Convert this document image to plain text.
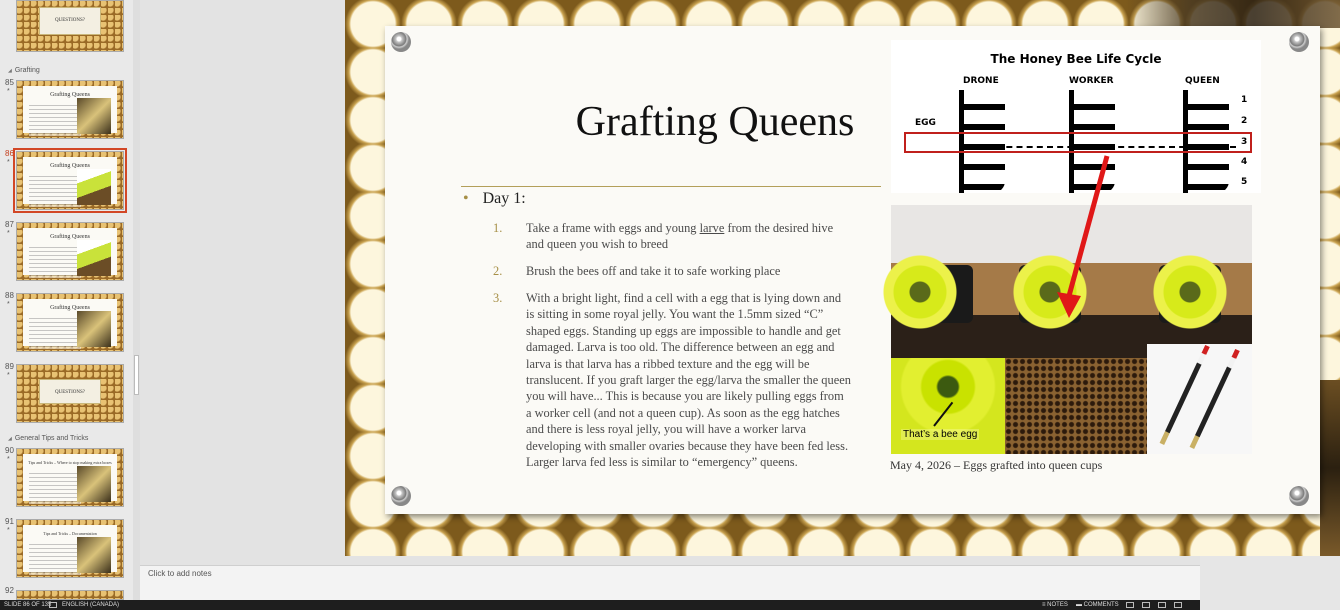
QUESTIONS?
◢ Grafting
85
*	Grafting Queens
86
*	Grafting Queens
87
*	Grafting Queens
88
*	Grafting Queens
89
*
QUESTIONS?
◢ General Tips and Tricks
90
*	Tips and Tricks – Where to stop making extra boxes
91
*	Tips and Tricks – Documentation
92
Grafting Queens
• Day 1:
1.	Take a frame with eggs and young larve from the desired hive and queen you wish to breed
2.	Brush the bees off and take it to safe working place
3.	With a bright light, find a cell with a egg that is lying down and is sitting in some royal jelly. You want the 1.5mm sized “C” shaped eggs. Standing up eggs are impossible to handle and get damaged. Larva is too old. The difference between an egg and larva is that larva has a ribbed texture and the egg will be translucent. If you graft larger the egg/larva the smaller the queen you will have... This is because you are likely pulling eggs from a worker cell (and not a queen cup). As soon as the egg hatches and there is less royal jelly, you will have a worker larva developing with smaller ovaries because they have been fed less. Larger larva fed less is similar to “emergency” queens.
The Honey Bee Life Cycle
DRONE	WORKER	QUEEN
EGG
1
2
3
4
5
That’s a bee egg
May 4, 2026 – Eggs grafted into queen cups
Click to add notes
SLIDE 86 OF 135 ENGLISH (CANADA)	≡ NOTES ▬ COMMENTS
